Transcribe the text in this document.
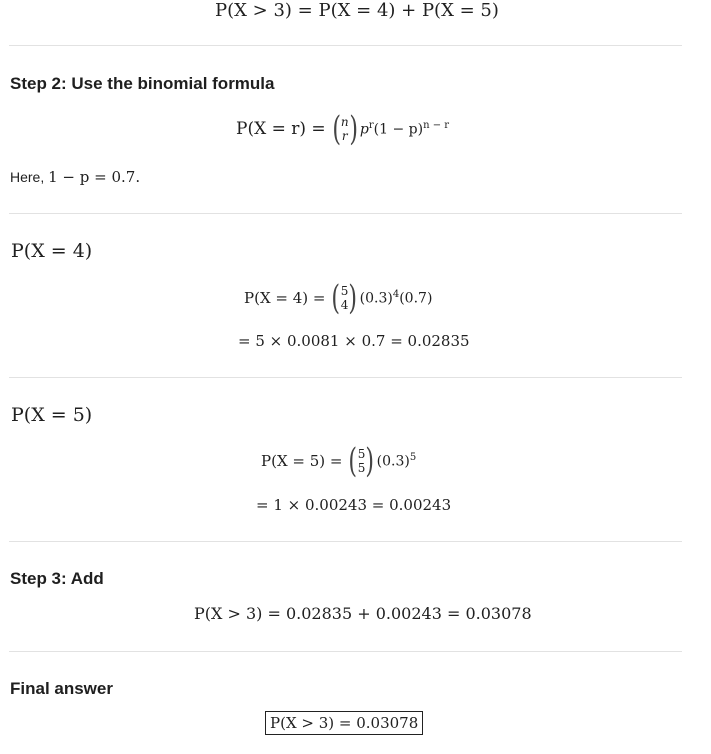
P(X > 3) = P(X = 4) + P(X = 5)
Step 2: Use the binomial formula
P(X = r) = ( n
r ) $p^r(1 - p)^{n - r}$
Here, 1 − p = 0.7.
P(X = 4)
P(X = 4) = ( 5
4 ) $(0.3)^4(0.7)$
= 5 × 0.0081 × 0.7 = 0.02835
P(X = 5)
P(X = 5) = ( 5
5 ) $(0.3)^5$
= 1 × 0.00243 = 0.00243
Step 3: Add
P(X > 3) = 0.02835 + 0.00243 = 0.03078
Final answer
P(X > 3) = 0.03078
